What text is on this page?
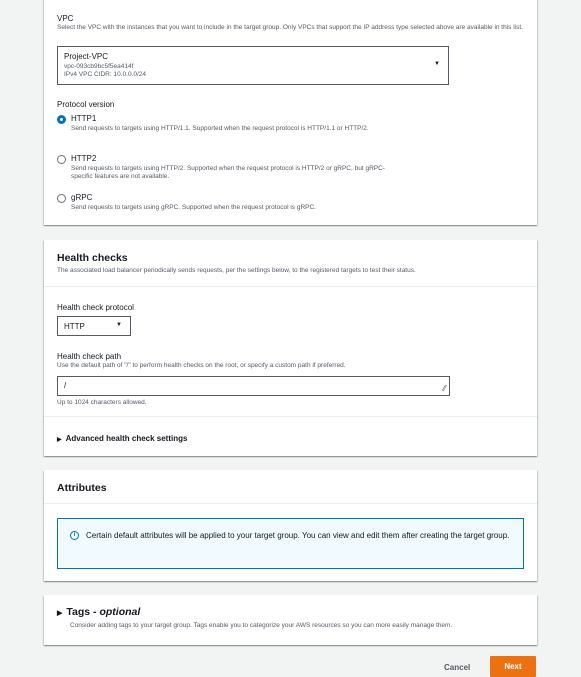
VPC
Select the VPC with the instances that you want to include in the target group. Only VPCs that support the IP address type selected above are available in this list.
Project-VPC
vpc-093cb9bc5f5ea414f
IPv4 VPC CIDR: 10.0.0.0/24
▼
Protocol version
HTTP1
Send requests to targets using HTTP/1.1. Supported when the request protocol is HTTP/1.1 or HTTP/2.
HTTP2
Send requests to targets using HTTP/2. Supported when the request protocol is HTTP/2 or gRPC, but gRPC-specific features are not available.
gRPC
Send requests to targets using gRPC. Supported when the request protocol is gRPC.
Health checks
The associated load balancer periodically sends requests, per the settings below, to the registered targets to test their status.
Health check protocol
HTTP	▼
Health check path
Use the default path of "/" to perform health checks on the root, or specify a custom path if preferred.
/	⁄⁄
Up to 1024 characters allowed.
▶ Advanced health check settings
Attributes
i	Certain default attributes will be applied to your target group. You can view and edit them after creating the target group.
▶ Tags - optional
Consider adding tags to your target group. Tags enable you to categorize your AWS resources so you can more easily manage them.
Cancel	Next
